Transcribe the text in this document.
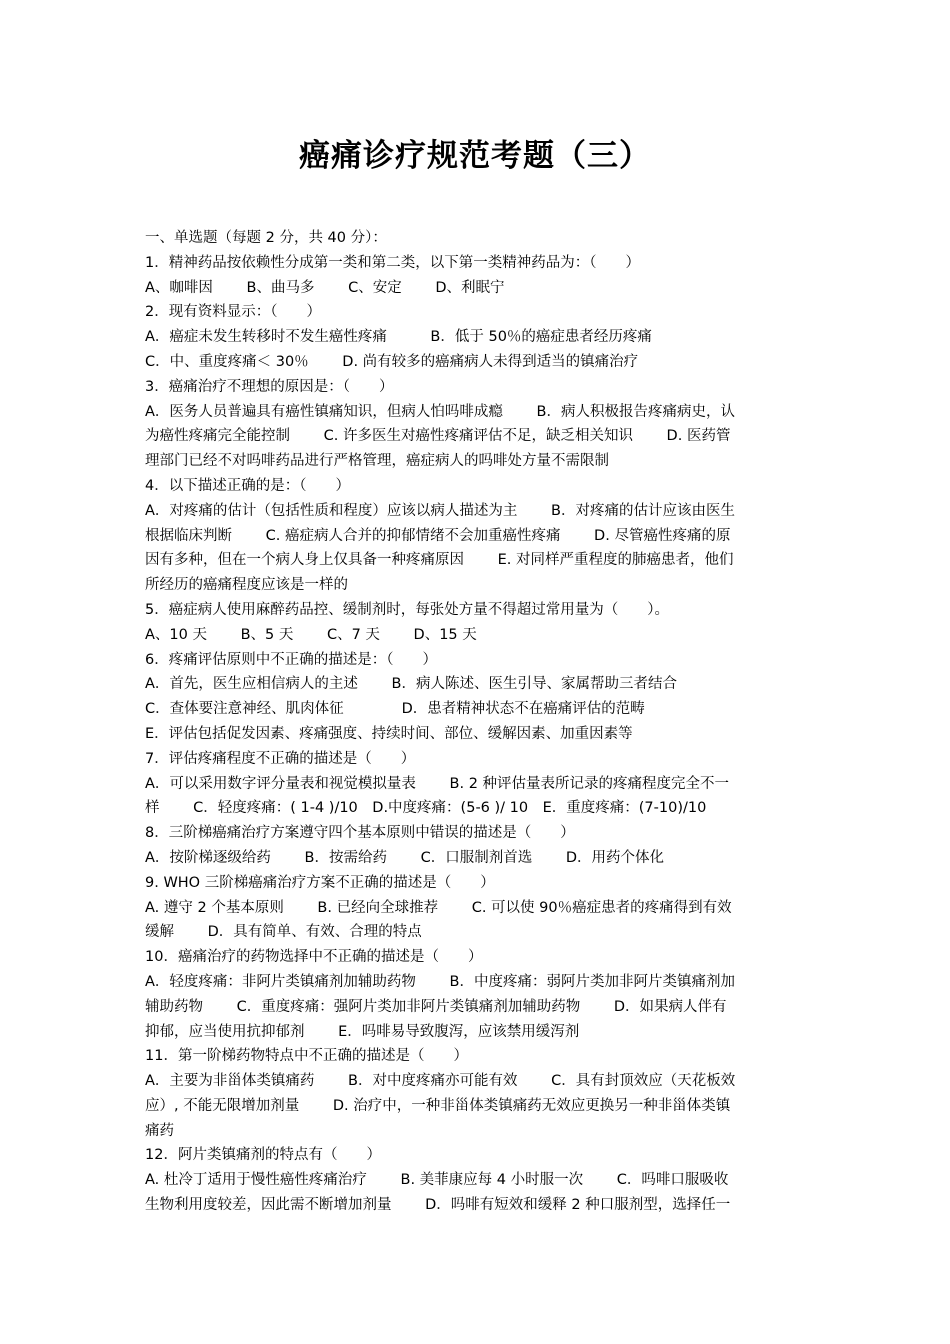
癌痛诊疗规范考题（三）
一、单选题（每题 2 分，共 40 分）：
1．精神药品按依赖性分成第一类和第二类，以下第一类精神药品为：（　　）
A、咖啡因　　 B、曲马多　　 C、安定　　 D、利眠宁
2．现有资料显示：（　　）
A．癌症未发生转移时不发生癌性疼痛　　　B．低于 50％的癌症患者经历疼痛
C．中、重度疼痛＜ 30％　　 D. 尚有较多的癌痛病人未得到适当的镇痛治疗
3．癌痛治疗不理想的原因是：（　　）
A．医务人员普遍具有癌性镇痛知识，但病人怕吗啡成瘾　　 B．病人积极报告疼痛病史，认
为癌性疼痛完全能控制　　 C. 许多医生对癌性疼痛评估不足，缺乏相关知识　　 D. 医药管
理部门已经不对吗啡药品进行严格管理，癌症病人的吗啡处方量不需限制
4．以下描述正确的是：（　　）
A．对疼痛的估计（包括性质和程度）应该以病人描述为主　　 B．对疼痛的估计应该由医生
根据临床判断　　 C. 癌症病人合并的抑郁情绪不会加重癌性疼痛　　 D. 尽管癌性疼痛的原
因有多种，但在一个病人身上仅具备一种疼痛原因　　 E. 对同样严重程度的肺癌患者，他们
所经历的癌痛程度应该是一样的
5．癌症病人使用麻醉药品控、缓制剂时，每张处方量不得超过常用量为（　　）。
A、10 天　　 B、5 天　　 C、7 天　　 D、15 天
6．疼痛评估原则中不正确的描述是：（　　）
A．首先，医生应相信病人的主述　　 B．病人陈述、医生引导、家属帮助三者结合
C．查体要注意神经、肌肉体征　　　　D．患者精神状态不在癌痛评估的范畴
E．评估包括促发因素、疼痛强度、持续时间、部位、缓解因素、加重因素等
7．评估疼痛程度不正确的描述是（　　）
A．可以采用数字评分量表和视觉模拟量表　　 B. 2 种评估量表所记录的疼痛程度完全不一
样　　 C．轻度疼痛：( 1-4 )/10　D.中度疼痛：(5-6 )/ 10　E．重度疼痛：(7-10)/10
8．三阶梯癌痛治疗方案遵守四个基本原则中错误的描述是（　　）
A．按阶梯逐级给药　　 B．按需给药　　 C．口服制剂首选　　 D．用药个体化
9. WHO 三阶梯癌痛治疗方案不正确的描述是（　　）
A. 遵守 2 个基本原则　　 B. 已经向全球推荐　　 C. 可以使 90％癌症患者的疼痛得到有效
缓解　　 D．具有简单、有效、合理的特点
10．癌痛治疗的药物选择中不正确的描述是（　　）
A．轻度疼痛：非阿片类镇痛剂加辅助药物　　 B．中度疼痛：弱阿片类加非阿片类镇痛剂加
辅助药物　　 C．重度疼痛：强阿片类加非阿片类镇痛剂加辅助药物　　 D．如果病人伴有
抑郁，应当使用抗抑郁剂　　 E．吗啡易导致腹泻，应该禁用缓泻剂
11．第一阶梯药物特点中不正确的描述是（　　）
A．主要为非甾体类镇痛药　　 B．对中度疼痛亦可能有效　　 C．具有封顶效应（天花板效
应）, 不能无限增加剂量　　 D. 治疗中，一种非甾体类镇痛药无效应更换另一种非甾体类镇
痛药
12．阿片类镇痛剂的特点有（　　）
A. 杜冷丁适用于慢性癌性疼痛治疗　　 B. 美菲康应每 4 小时服一次　　 C．吗啡口服吸收
生物利用度较差，因此需不断增加剂量　　 D．吗啡有短效和缓释 2 种口服剂型，选择任一
